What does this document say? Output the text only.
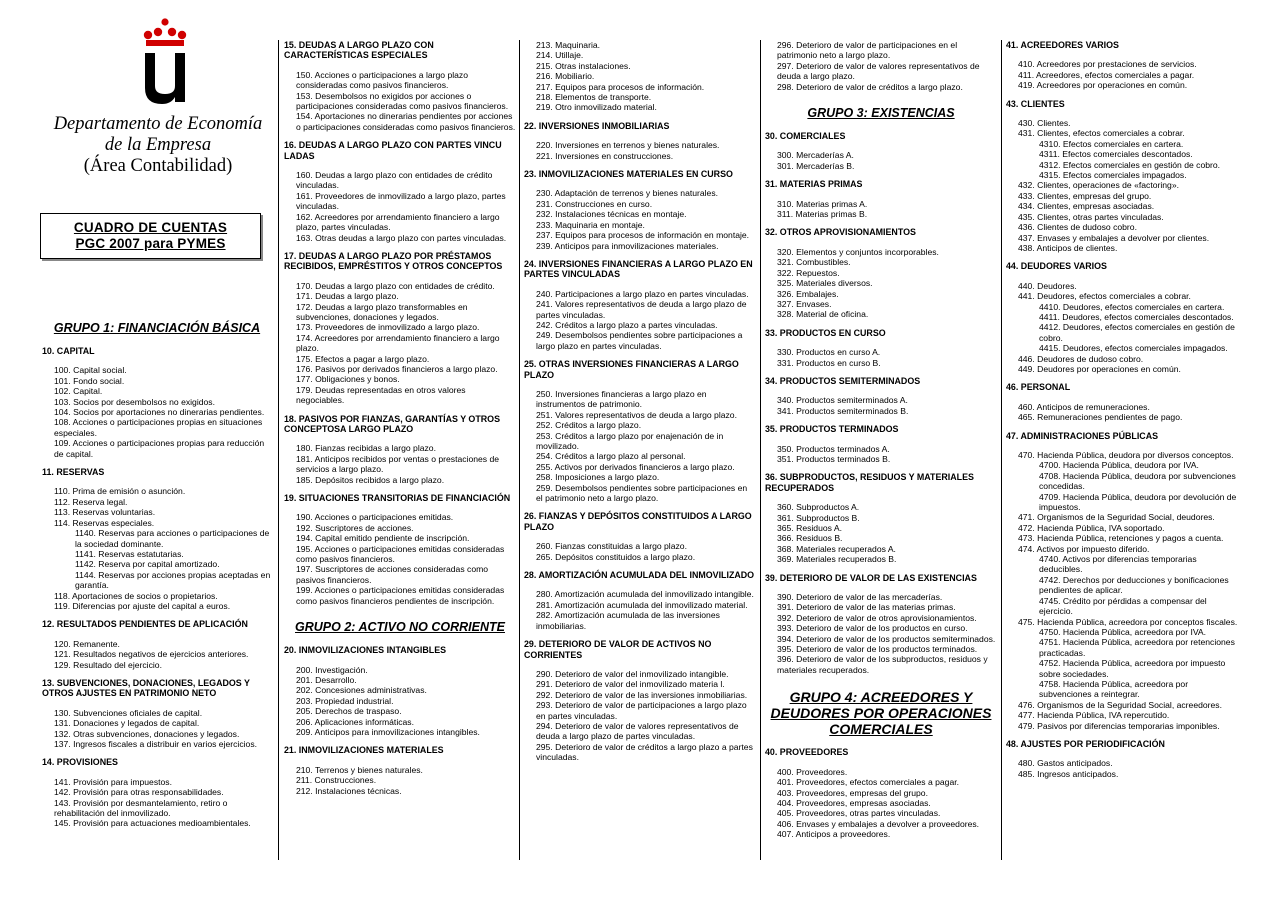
Departamento de Economía
de la Empresa
(Área Contabilidad)
CUADRO DE CUENTAS
PGC 2007 para PYMES
GRUPO 1: FINANCIACIÓN BÁSICA
10. CAPITAL
100. Capital social.
101. Fondo social.
102. Capital.
103. Socios por desembolsos no exigidos.
104. Socios por aportaciones no dinerarias pendientes.
108. Acciones o participaciones propias en situaciones especiales.
109. Acciones o participaciones propias para reducción de capital.
11. RESERVAS
110. Prima de emisión o asunción.
112. Reserva legal.
113. Reservas voluntarias.
114. Reservas especiales.
1140. Reservas para acciones o participaciones de la sociedad dominante.
1141. Reservas estatutarias.
1142. Reserva por capital amortizado.
1144. Reservas por acciones propias aceptadas en garantía.
118. Aportaciones de socios o propietarios.
119. Diferencias por ajuste del capital a euros.
12. RESULTADOS PENDIENTES DE APLICACIÓN
120. Remanente.
121. Resultados negativos de ejercicios anteriores.
129. Resultado del ejercicio.
13. SUBVENCIONES, DONACIONES, LEGADOS Y OTROS AJUSTES EN PATRIMONIO NETO
130. Subvenciones oficiales de capital.
131. Donaciones y legados de capital.
132. Otras subvenciones, donaciones y legados.
137. Ingresos fiscales a distribuir en varios ejercicios.
14. PROVISIONES
141. Provisión para impuestos.
142. Provisión para otras responsabilidades.
143. Provisión por desmantelamiento, retiro o rehabilitación del inmovilizado.
145. Provisión para actuaciones medioambientales.
15. DEUDAS A LARGO PLAZO CON CARACTERÍSTICAS ESPECIALES
150. Acciones o participaciones a largo plazo consideradas como pasivos financieros.
153. Desembolsos no exigidos por acciones o participaciones consideradas como pasivos financieros.
154. Aportaciones no dinerarias pendientes por acciones o participaciones consideradas como pasivos financieros.
16. DEUDAS A LARGO PLAZO CON PARTES VINCU LADAS
160. Deudas a largo plazo con entidades de crédito vinculadas.
161. Proveedores de inmovilizado a largo plazo, partes vinculadas.
162. Acreedores por arrendamiento financiero a largo plazo, partes vinculadas.
163. Otras deudas a largo plazo con partes vinculadas.
17. DEUDAS A LARGO PLAZO POR PRÉSTAMOS RECIBIDOS, EMPRÉSTITOS Y OTROS CONCEPTOS
170. Deudas a largo plazo con entidades de crédito.
171. Deudas a largo plazo.
172. Deudas a largo plazo transformables en subvenciones, donaciones y legados.
173. Proveedores de inmovilizado a largo plazo.
174. Acreedores por arrendamiento financiero a largo plazo.
175. Efectos a pagar a largo plazo.
176. Pasivos por derivados financieros a largo plazo.
177. Obligaciones y bonos.
179. Deudas representadas en otros valores negociables.
18. PASIVOS POR FIANZAS, GARANTÍAS Y OTROS CONCEPTOSA LARGO PLAZO
180. Fianzas recibidas a largo plazo.
181. Anticipos recibidos por ventas o prestaciones de servicios a largo plazo.
185. Depósitos recibidos a largo plazo.
19. SITUACIONES TRANSITORIAS DE FINANCIACIÓN
190. Acciones o participaciones emitidas.
192. Suscriptores de acciones.
194. Capital emitido pendiente de inscripción.
195. Acciones o participaciones emitidas consideradas como pasivos financieros.
197. Suscriptores de acciones consideradas como pasivos financieros.
199. Acciones o participaciones emitidas consideradas como pasivos financieros pendientes de inscripción.
GRUPO 2: ACTIVO NO CORRIENTE
20. INMOVILIZACIONES INTANGIBLES
200. Investigación.
201. Desarrollo.
202. Concesiones administrativas.
203. Propiedad industrial.
205. Derechos de traspaso.
206. Aplicaciones informáticas.
209. Anticipos para inmovilizaciones intangibles.
21. INMOVILIZACIONES MATERIALES
210. Terrenos y bienes naturales.
211. Construcciones.
212. Instalaciones técnicas.
213. Maquinaria.
214. Utillaje.
215. Otras instalaciones.
216. Mobiliario.
217. Equipos para procesos de información.
218. Elementos de transporte.
219. Otro inmovilizado material.
22. INVERSIONES INMOBILIARIAS
220. Inversiones en terrenos y bienes naturales.
221. Inversiones en construcciones.
23. INMOVILIZACIONES MATERIALES EN CURSO
230. Adaptación de terrenos y bienes naturales.
231. Construcciones en curso.
232. Instalaciones técnicas en montaje.
233. Maquinaria en montaje.
237. Equipos para procesos de información en montaje.
239. Anticipos para inmovilizaciones materiales.
24. INVERSIONES FINANCIERAS A LARGO PLAZO EN PARTES VINCULADAS
240. Participaciones a largo plazo en partes vinculadas.
241. Valores representativos de deuda a largo plazo de partes vinculadas.
242. Créditos a largo plazo a partes vinculadas.
249. Desembolsos pendientes sobre participaciones a largo plazo en partes vinculadas.
25. OTRAS INVERSIONES FINANCIERAS A LARGO PLAZO
250. Inversiones financieras a largo plazo en instrumentos de patrimonio.
251. Valores representativos de deuda a largo plazo.
252. Créditos a largo plazo.
253. Créditos a largo plazo por enajenación de in movilizado.
254. Créditos a largo plazo al personal.
255. Activos por derivados financieros a largo plazo.
258. Imposiciones a largo plazo.
259. Desembolsos pendientes sobre participaciones en el patrimonio neto a largo plazo.
26. FIANZAS Y DEPÓSITOS CONSTITUIDOS A LARGO PLAZO
260. Fianzas constituidas a largo plazo.
265. Depósitos constituidos a largo plazo.
28. AMORTIZACIÓN ACUMULADA DEL INMOVILIZADO
280. Amortización acumulada del inmovilizado intangible.
281. Amortización acumulada del inmovilizado material.
282. Amortización acumulada de las inversiones inmobiliarias.
29. DETERIORO DE VALOR DE ACTIVOS NO CORRIENTES
290. Deterioro de valor del inmovilizado intangible.
291. Deterioro de valor del inmovilizado materia l.
292. Deterioro de valor de las inversiones inmobiliarias.
293. Deterioro de valor de participaciones a largo plazo en partes vinculadas.
294. Deterioro de valor de valores representativos de deuda a largo plazo de partes vinculadas.
295. Deterioro de valor de créditos a largo plazo a partes vinculadas.
296. Deterioro de valor de participaciones en el patrimonio neto a largo plazo.
297. Deterioro de valor de valores representativos de deuda a largo plazo.
298. Deterioro de valor de créditos a largo plazo.
GRUPO 3: EXISTENCIAS
30. COMERCIALES
300. Mercaderías A.
301. Mercaderías B.
31. MATERIAS PRIMAS
310. Materias primas A.
311. Materias primas B.
32. OTROS APROVISIONAMIENTOS
320. Elementos y conjuntos incorporables.
321. Combustibles.
322. Repuestos.
325. Materiales diversos.
326. Embalajes.
327. Envases.
328. Material de oficina.
33. PRODUCTOS EN CURSO
330. Productos en curso A.
331. Productos en curso B.
34. PRODUCTOS SEMITERMINADOS
340. Productos semiterminados A.
341. Productos semiterminados B.
35. PRODUCTOS TERMINADOS
350. Productos terminados A.
351. Productos terminados B.
36. SUBPRODUCTOS, RESIDUOS Y MATERIALES RECUPERADOS
360. Subproductos A.
361. Subproductos B.
365. Residuos A.
366. Residuos B.
368. Materiales recuperados A.
369. Materiales recuperados B.
39. DETERIORO DE VALOR DE LAS EXISTENCIAS
390. Deterioro de valor de las mercaderías.
391. Deterioro de valor de las materias primas.
392. Deterioro de valor de otros aprovisionamientos.
393. Deterioro de valor de los productos en curso.
394. Deterioro de valor de los productos semiterminados.
395. Deterioro de valor de los productos terminados.
396. Deterioro de valor de los subproductos, residuos y materiales recuperados.
GRUPO 4: ACREEDORES Y DEUDORES POR OPERACIONES COMERCIALES
40. PROVEEDORES
400. Proveedores.
401. Proveedores, efectos comerciales a pagar.
403. Proveedores, empresas del grupo.
404. Proveedores, empresas asociadas.
405. Proveedores, otras partes vinculadas.
406. Envases y embalajes a devolver a proveedores.
407. Anticipos a proveedores.
41. ACREEDORES VARIOS
410. Acreedores por prestaciones de servicios.
411. Acreedores, efectos comerciales a pagar.
419. Acreedores por operaciones en común.
43. CLIENTES
430. Clientes.
431. Clientes, efectos comerciales a cobrar.
4310. Efectos comerciales en cartera.
4311. Efectos comerciales descontados.
4312. Efectos comerciales en gestión de cobro.
4315. Efectos comerciales impagados.
432. Clientes, operaciones de «factoring».
433. Clientes, empresas del grupo.
434. Clientes, empresas asociadas.
435. Clientes, otras partes vinculadas.
436. Clientes de dudoso cobro.
437. Envases y embalajes a devolver por clientes.
438. Anticipos de clientes.
44. DEUDORES VARIOS
440. Deudores.
441. Deudores, efectos comerciales a cobrar.
4410. Deudores, efectos comerciales en cartera.
4411. Deudores, efectos comerciales descontados.
4412. Deudores, efectos comerciales en gestión de cobro.
4415. Deudores, efectos comerciales impagados.
446. Deudores de dudoso cobro.
449. Deudores por operaciones en común.
46. PERSONAL
460. Anticipos de remuneraciones.
465. Remuneraciones pendientes de pago.
47. ADMINISTRACIONES PÚBLICAS
470. Hacienda Pública, deudora por diversos conceptos.
4700. Hacienda Pública, deudora por IVA.
4708. Hacienda Pública, deudora por subvenciones concedidas.
4709. Hacienda Pública, deudora por devolución de impuestos.
471. Organismos de la Seguridad Social, deudores.
472. Hacienda Pública, IVA soportado.
473. Hacienda Pública, retenciones y pagos a cuenta.
474. Activos por impuesto diferido.
4740. Activos por diferencias temporarias deducibles.
4742. Derechos por deducciones y bonificaciones pendientes de aplicar.
4745. Crédito por pérdidas a compensar del ejercicio.
475. Hacienda Pública, acreedora por conceptos fiscales.
4750. Hacienda Pública, acreedora por IVA.
4751. Hacienda Pública, acreedora por retenciones practicadas.
4752. Hacienda Pública, acreedora por impuesto sobre sociedades.
4758. Hacienda Pública, acreedora por subvenciones a reintegrar.
476. Organismos de la Seguridad Social, acreedores.
477. Hacienda Pública, IVA repercutido.
479. Pasivos por diferencias temporarias imponibles.
48. AJUSTES POR PERIODIFICACIÓN
480. Gastos anticipados.
485. Ingresos anticipados.
